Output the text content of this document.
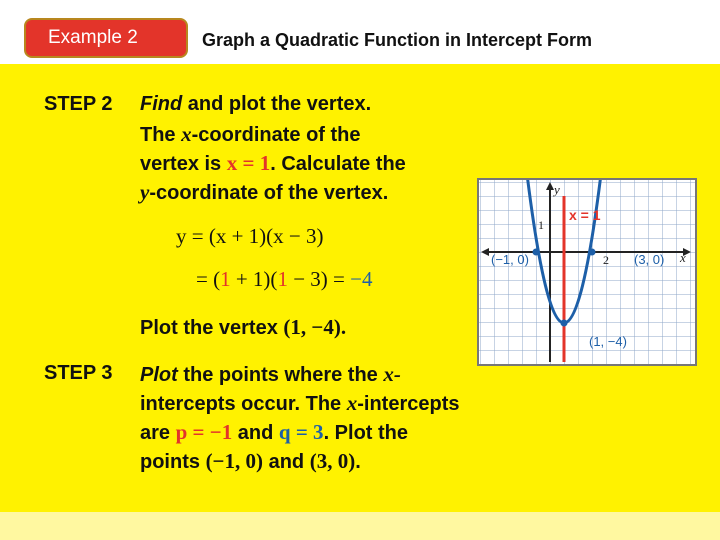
Example 2	Graph a Quadratic Function in Intercept Form
STEP 2 Find and plot the vertex.
The x-coordinate of the
vertex is x = 1. Calculate the
y-coordinate of the vertex.
y = (x + 1)(x − 3)
= (1 + 1)(1 − 3) = −4
Plot the vertex (1, −4).
STEP 3 Plot the points where the x-
intercepts occur. The x-intercepts
are p = −1 and q = 3. Plot the
points (−1, 0) and (3, 0).
y
x
1
2
x = 1
(−1, 0)	(3, 0)
(1, −4)
